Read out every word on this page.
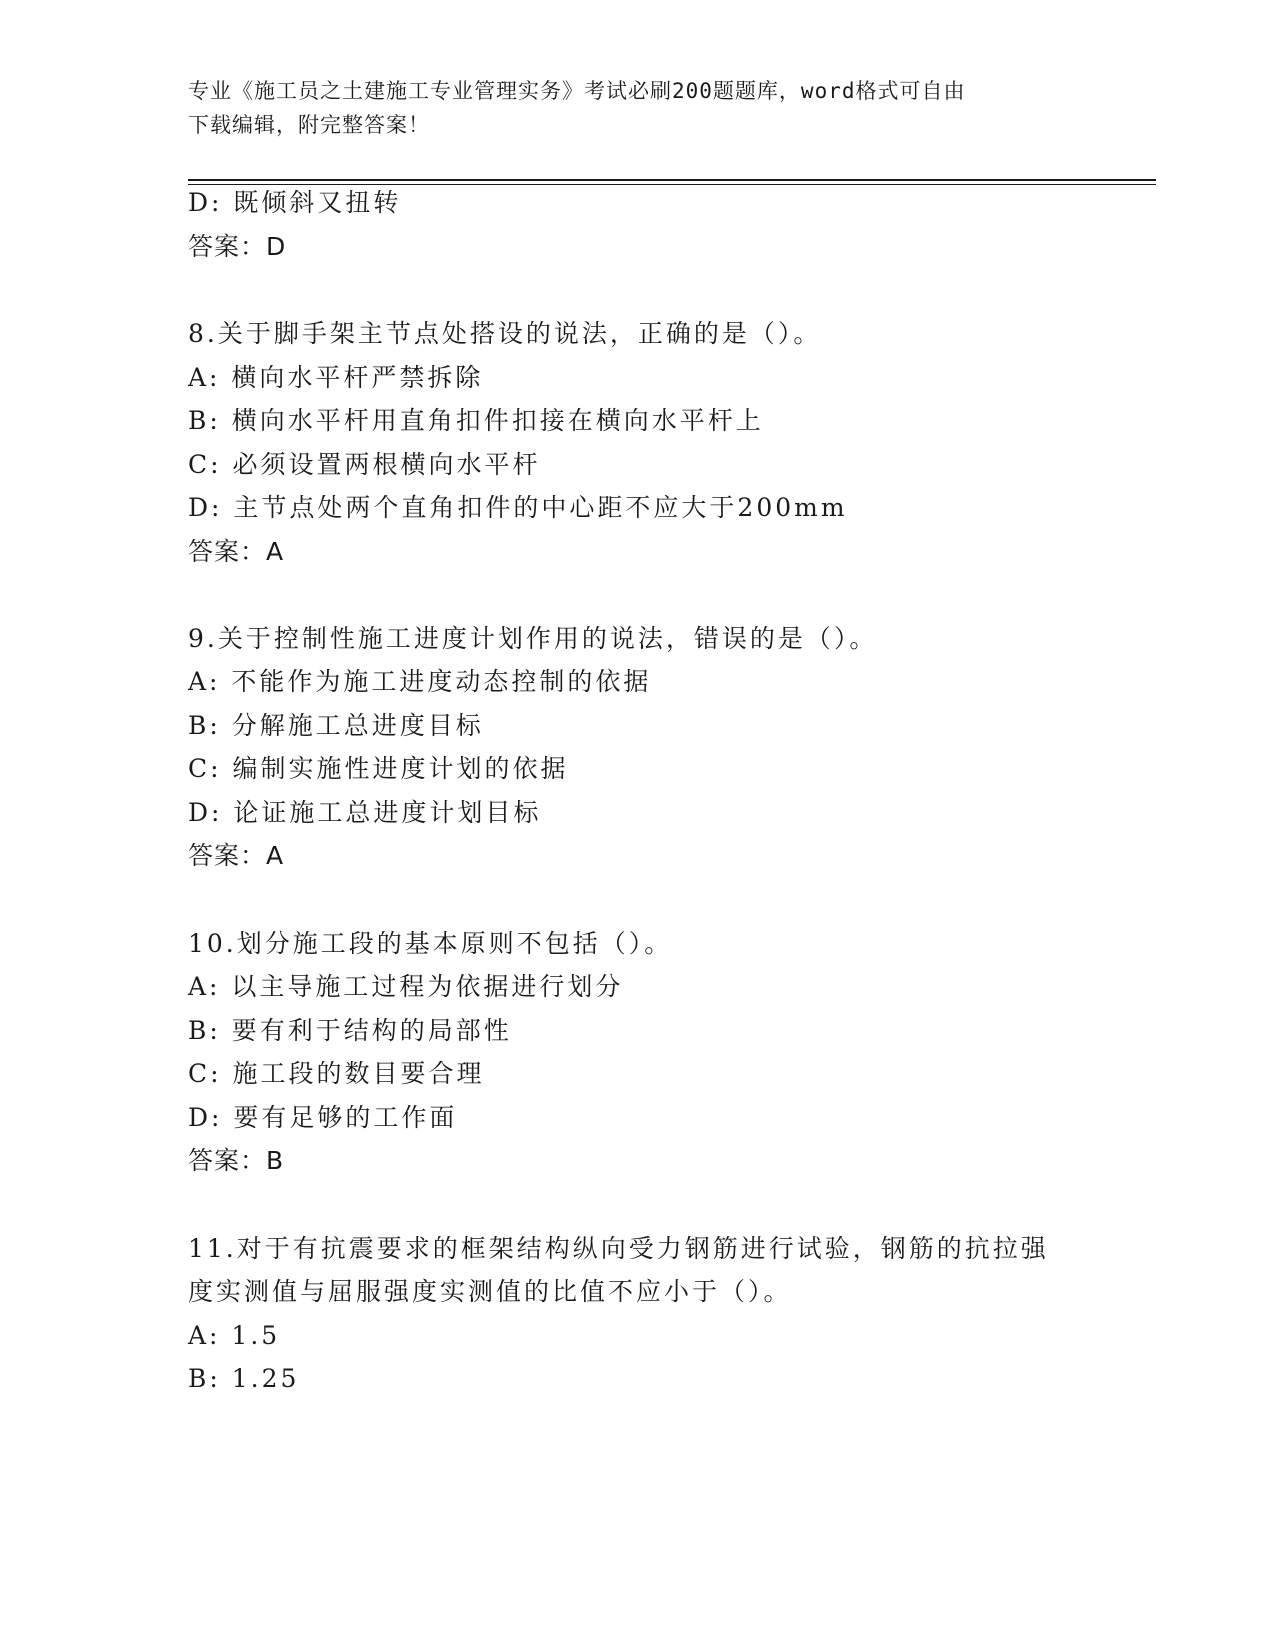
专业《施工员之土建施工专业管理实务》考试必刷200题题库，word格式可自由
下载编辑，附完整答案！
D: 既倾斜又扭转
答案：D
8.关于脚手架主节点处搭设的说法，正确的是（）。
A: 横向水平杆严禁拆除
B: 横向水平杆用直角扣件扣接在横向水平杆上
C: 必须设置两根横向水平杆
D: 主节点处两个直角扣件的中心距不应大于200mm
答案：A
9.关于控制性施工进度计划作用的说法，错误的是（）。
A: 不能作为施工进度动态控制的依据
B: 分解施工总进度目标
C: 编制实施性进度计划的依据
D: 论证施工总进度计划目标
答案：A
10.划分施工段的基本原则不包括（）。
A: 以主导施工过程为依据进行划分
B: 要有利于结构的局部性
C: 施工段的数目要合理
D: 要有足够的工作面
答案：B
11.对于有抗震要求的框架结构纵向受力钢筋进行试验，钢筋的抗拉强
度实测值与屈服强度实测值的比值不应小于（）。
A: 1.5
B: 1.25
